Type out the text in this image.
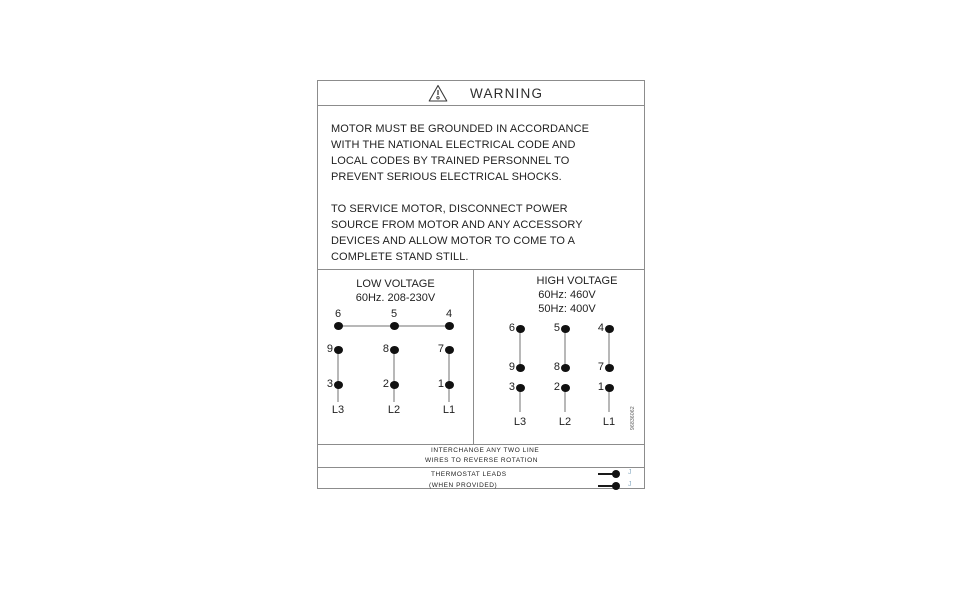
WARNING
MOTOR MUST BE GROUNDED IN ACCORDANCE
WITH THE NATIONAL ELECTRICAL CODE AND
LOCAL CODES BY TRAINED PERSONNEL TO
PREVENT SERIOUS ELECTRICAL SHOCKS.
TO SERVICE MOTOR, DISCONNECT POWER
SOURCE FROM MOTOR AND ANY ACCESSORY
DEVICES AND ALLOW MOTOR TO COME TO A
COMPLETE STAND STILL.
LOW VOLTAGE
60Hz. 208-230V
6	5	4
9	8	7
3	2	1
L3	L2	L1
HIGH VOLTAGE
60Hz: 460V
50Hz: 400V
6	5	4
9	8	7
3	2	1
L3	L2	L1	96836062
INTERCHANGE ANY TWO LINE
WIRES TO REVERSE ROTATION
THERMOSTAT LEADS
(WHEN PROVIDED)
J
J
